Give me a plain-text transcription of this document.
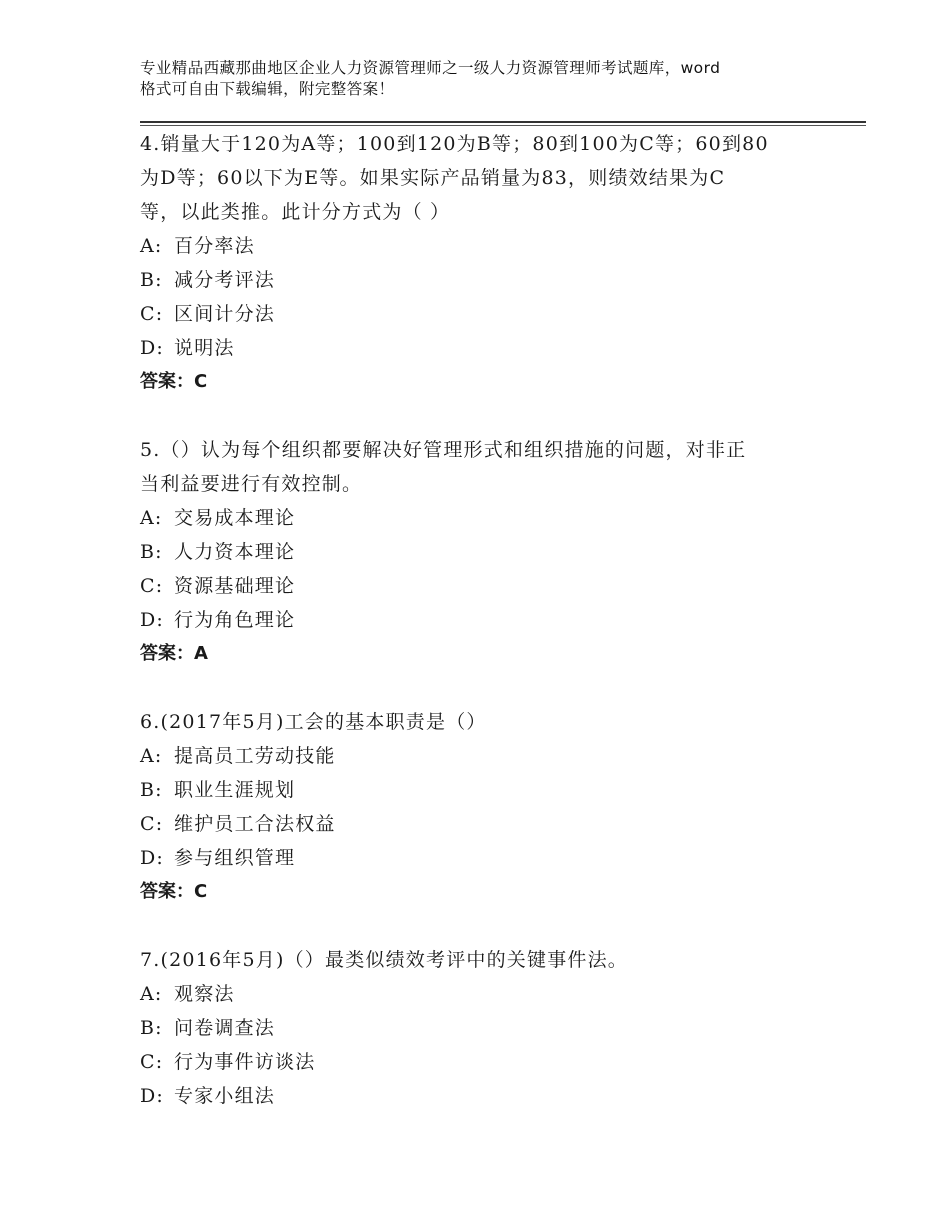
专业精品西藏那曲地区企业人力资源管理师之一级人力资源管理师考试题库，word
格式可自由下载编辑，附完整答案！
4.销量大于120为A等；100到120为B等；80到100为C等；60到80
为D等；60以下为E等。如果实际产品销量为83，则绩效结果为C
等，以此类推。此计分方式为（ ）
A: 百分率法
B: 减分考评法
C: 区间计分法
D: 说明法
答案：C
5.（）认为每个组织都要解决好管理形式和组织措施的问题，对非正
当利益要进行有效控制。
A: 交易成本理论
B: 人力资本理论
C: 资源基础理论
D: 行为角色理论
答案：A
6.(2017年5月)工会的基本职责是（）
A: 提高员工劳动技能
B: 职业生涯规划
C: 维护员工合法权益
D: 参与组织管理
答案：C
7.(2016年5月)（）最类似绩效考评中的关键事件法。
A: 观察法
B: 问卷调查法
C: 行为事件访谈法
D: 专家小组法
